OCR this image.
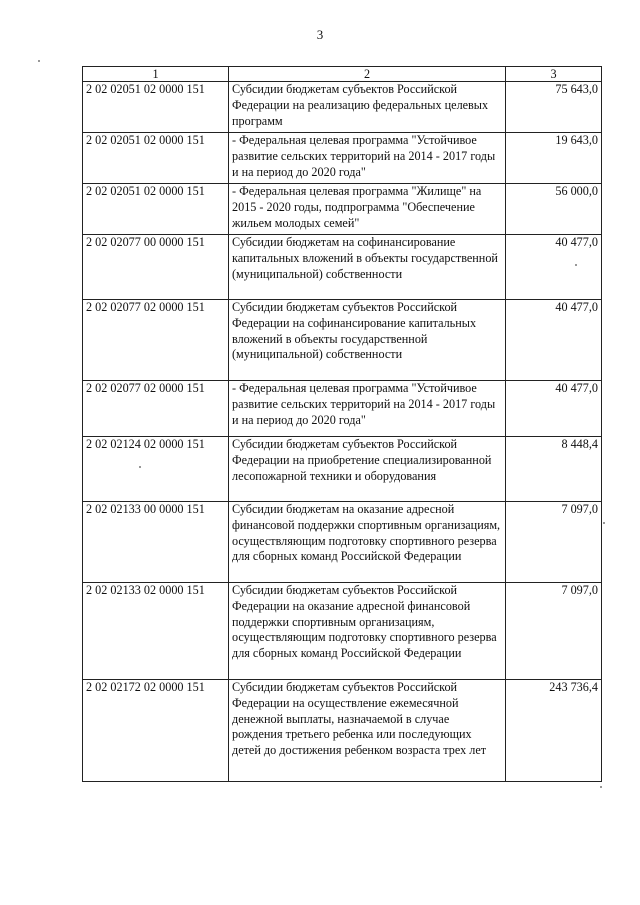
3
1	2	3
2 02 02051 02 0000 151	Субсидии бюджетам субъектов Российской Федерации на реализацию федеральных целевых программ	75 643,0
2 02 02051 02 0000 151	- Федеральная целевая программа "Устойчивое развитие сельских территорий на 2014 - 2017 годы и на период до 2020 года"	19 643,0
2 02 02051 02 0000 151	- Федеральная целевая программа "Жилище" на 2015 - 2020 годы, подпрограмма "Обеспечение жильем молодых семей"	56 000,0
2 02 02077 00 0000 151	Субсидии бюджетам на софинансирование капитальных вложений в объекты государственной (муниципальной) собственности	40 477,0
2 02 02077 02 0000 151	Субсидии бюджетам субъектов Российской Федерации на софинансирование капитальных вложений в объекты государственной (муниципальной) собственности	40 477,0
2 02 02077 02 0000 151	- Федеральная целевая программа "Устойчивое развитие сельских территорий на 2014 - 2017 годы и на период до 2020 года"	40 477,0
2 02 02124 02 0000 151	Субсидии бюджетам субъектов Российской Федерации на приобретение специализированной лесопожарной техники и оборудования	8 448,4
2 02 02133 00 0000 151	Субсидии бюджетам на оказание адресной финансовой поддержки спортивным организациям, осуществляющим подготовку спортивного резерва для сборных команд Российской Федерации	7 097,0
2 02 02133 02 0000 151	Субсидии бюджетам субъектов Российской Федерации на оказание адресной финансовой поддержки спортивным организациям, осуществляющим подготовку спортивного резерва для сборных команд Российской Федерации	7 097,0
2 02 02172 02 0000 151	Субсидии бюджетам субъектов Российской Федерации на осуществление ежемесячной денежной выплаты, назначаемой в случае рождения третьего ребенка или последующих детей до достижения ребенком возраста трех лет	243 736,4
